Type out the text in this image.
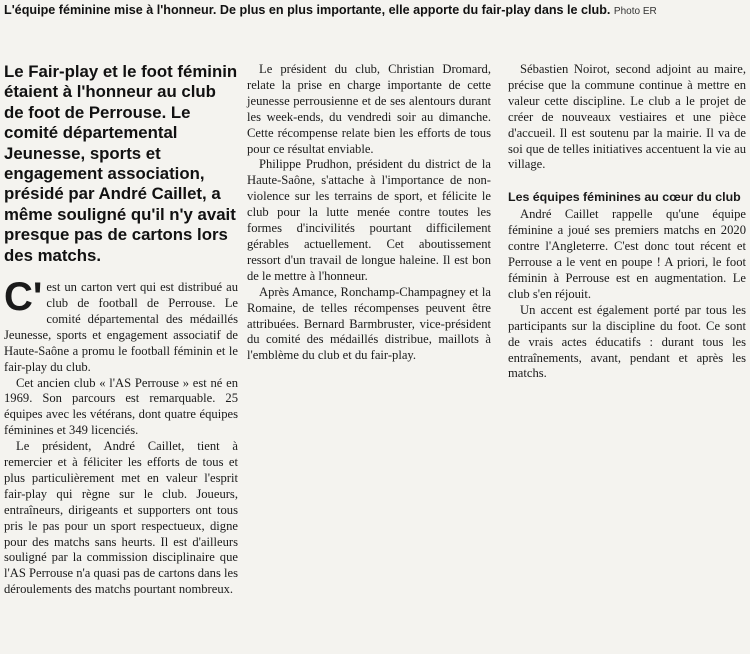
L'équipe féminine mise à l'honneur. De plus en plus importante, elle apporte du fair-play dans le club. Photo ER
Le Fair-play et le foot féminin étaient à l'honneur au club de foot de Perrouse. Le comité départemental Jeunesse, sports et engagement association, présidé par André Caillet, a même souligné qu'il n'y avait presque pas de cartons lors des matchs.

C' est un carton vert qui est distribué au club de football de Perrouse. Le comité départemental des médaillés Jeunesse, sports et engagement associatif de Haute-Saône a promu le football féminin et le fair-play du club.

Cet ancien club « l'AS Perrouse » est né en 1969. Son parcours est remarquable. 25 équipes avec les vétérans, dont quatre équipes féminines et 349 licenciés.

Le président, André Caillet, tient à remercier et à féliciter les efforts de tous et plus particulièrement met en valeur l'esprit fair-play qui règne sur le club. Joueurs, entraîneurs, dirigeants et supporters ont tous pris le pas pour un sport respectueux, digne pour des matchs sans heurts. Il est d'ailleurs souligné par la commission disciplinaire que l'AS Perrouse n'a quasi pas de cartons dans les déroulements des matchs pourtant nombreux.

Le président du club, Christian Dromard, relate la prise en charge importante de cette jeunesse perrousienne et de ses alentours durant les week-ends, du vendredi soir au dimanche. Cette récompense relate bien les efforts de tous pour ce résultat enviable.

Philippe Prudhon, président du district de la Haute-Saône, s'attache à l'importance de non-violence sur les terrains de sport, et félicite le club pour la lutte menée contre toutes les formes d'incivilités pourtant difficilement gérables actuellement. Cet aboutissement ressort d'un travail de longue haleine. Il est bon de le mettre à l'honneur.

Après Amance, Ronchamp-Champagney et la Romaine, de telles récompenses peuvent être attribuées. Bernard Barmbruster, vice-président du comité des médaillés distribue, maillots à l'emblème du club et du fair-play.

Sébastien Noirot, second adjoint au maire, précise que la commune continue à mettre en valeur cette discipline. Le club a le projet de créer de nouveaux vestiaires et une pièce d'accueil. Il est soutenu par la mairie. Il va de soi que de telles initiatives accentuent la vie au village.

Les équipes féminines au cœur du club

André Caillet rappelle qu'une équipe féminine a joué ses premiers matchs en 2020 contre l'Angleterre. C'est donc tout récent et Perrouse a le vent en poupe ! A priori, le foot féminin à Perrouse est en augmentation. Le club s'en réjouit.

Un accent est également porté par tous les participants sur la discipline du foot. Ce sont de vrais actes éducatifs : durant tous les entraînements, avant, pendant et après les matchs.
